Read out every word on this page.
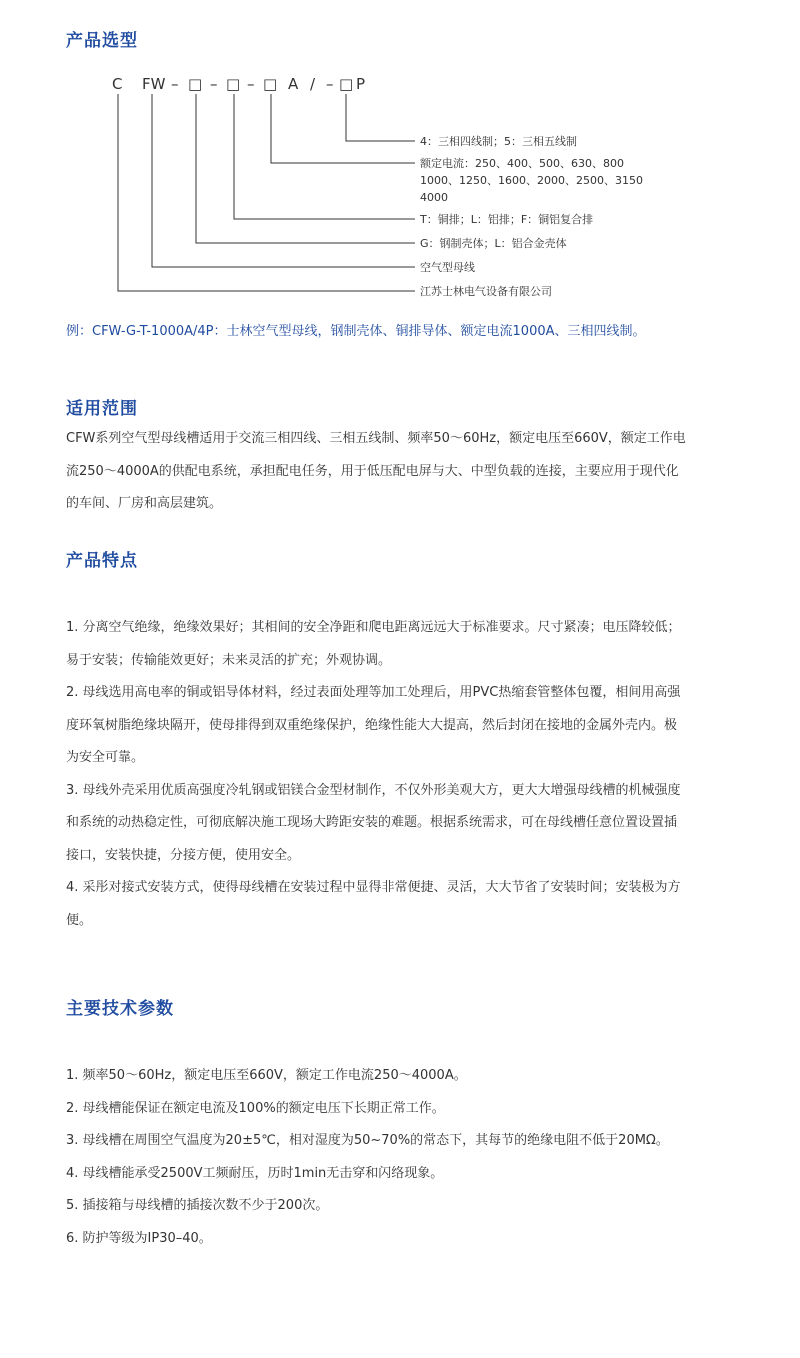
产品选型
C FW – □ – □ – □ A / – □ P
4：三相四线制；5：三相五线制
额定电流：250、400、500、630、800
1000、1250、1600、2000、2500、3150
4000
T：铜排；L：铝排；F：铜铝复合排
G：钢制壳体；L：铝合金壳体
空气型母线
江苏士林电气设备有限公司
例：CFW-G-T-1000A/4P：士林空气型母线，钢制壳体、铜排导体、额定电流1000A、三相四线制。
适用范围
CFW系列空气型母线槽适用于交流三相四线、三相五线制、频率50～60Hz，额定电压至660V，额定工作电
流250～4000A的供配电系统，承担配电任务，用于低压配电屏与大、中型负载的连接，主要应用于现代化
的车间、厂房和高层建筑。
产品特点
1. 分离空气绝缘，绝缘效果好；其相间的安全净距和爬电距离远远大于标准要求。尺寸紧凑；电压降较低；
易于安装；传输能效更好；未来灵活的扩充；外观协调。
2. 母线选用高电率的铜或铝导体材料，经过表面处理等加工处理后，用PVC热缩套管整体包覆，相间用高强
度环氧树脂绝缘块隔开，使母排得到双重绝缘保护，绝缘性能大大提高，然后封闭在接地的金属外壳内。极
为安全可靠。
3. 母线外壳采用优质高强度冷轧钢或铝镁合金型材制作，不仅外形美观大方，更大大增强母线槽的机械强度
和系统的动热稳定性，可彻底解决施工现场大跨距安装的难题。根据系统需求，可在母线槽任意位置设置插
接口，安装快捷，分接方便，使用安全。
4. 采彤对接式安装方式，使得母线槽在安装过程中显得非常便捷、灵活，大大节省了安装时间；安装极为方
便。
主要技术参数
1. 频率50～60Hz，额定电压至660V，额定工作电流250～4000A。
2. 母线槽能保证在额定电流及100%的额定电压下长期正常工作。
3. 母线槽在周围空气温度为20±5℃，相对湿度为50~70%的常态下，其每节的绝缘电阻不低于20MΩ。
4. 母线槽能承受2500V工频耐压，历时1min无击穿和闪络现象。
5. 插接箱与母线槽的插接次数不少于200次。
6. 防护等级为IP30–40。
